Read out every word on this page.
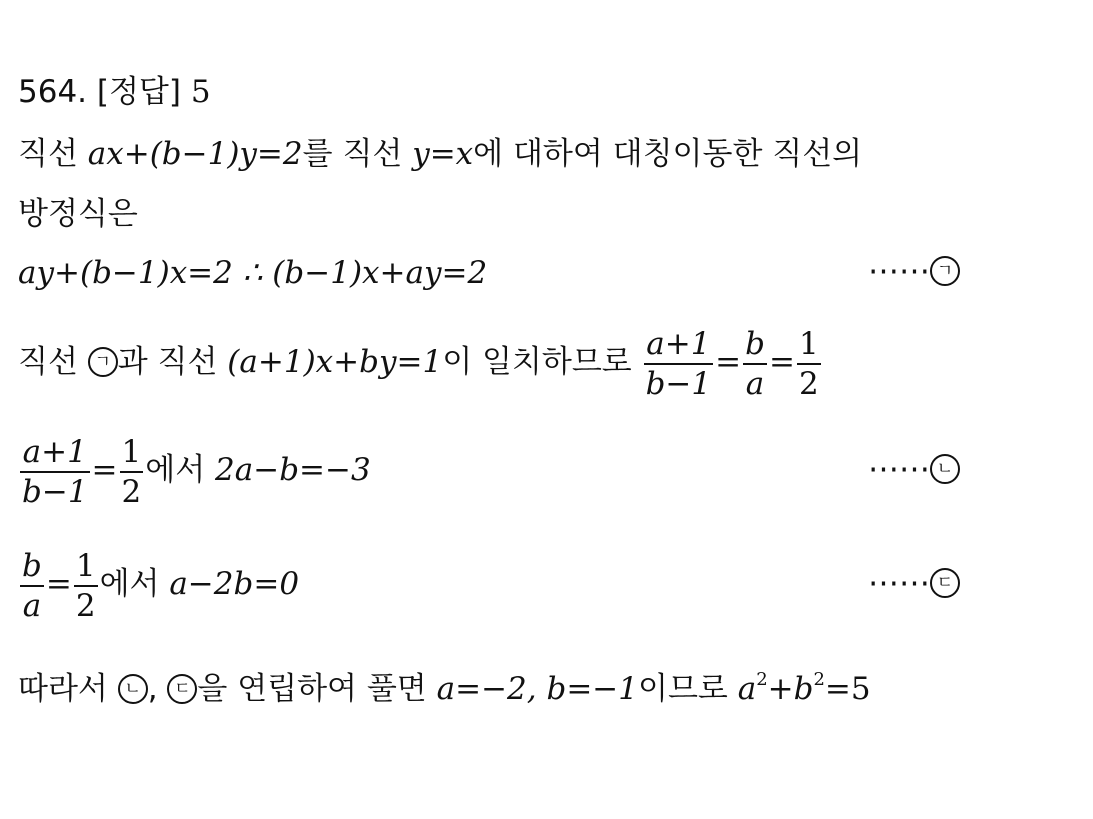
564. [정답] 5
직선 ax+(b−1)y=2를 직선 y=x에 대하여 대칭이동한 직선의
방정식은
ay+(b−1)x=2 ∴ (b−1)x+ay=2	⋯⋯ ㄱ
직선 ㄱ 과 직선 (a+1)x+by=1이 일치하므로 $\frac{a+1}{b-1} = \frac{b}{a} = \frac{1}{2}$
$\frac{a+1}{b-1} = \frac{1}{2}$ 에서 2a−b=−3	⋯⋯ ㄴ
$\frac{b}{a} = \frac{1}{2}$ 에서 a−2b=0	⋯⋯ ㄷ
따라서 ㄴ , ㄷ 을 연립하여 풀면 a=−2, b=−1이므로 $a^2+b^2=5$
